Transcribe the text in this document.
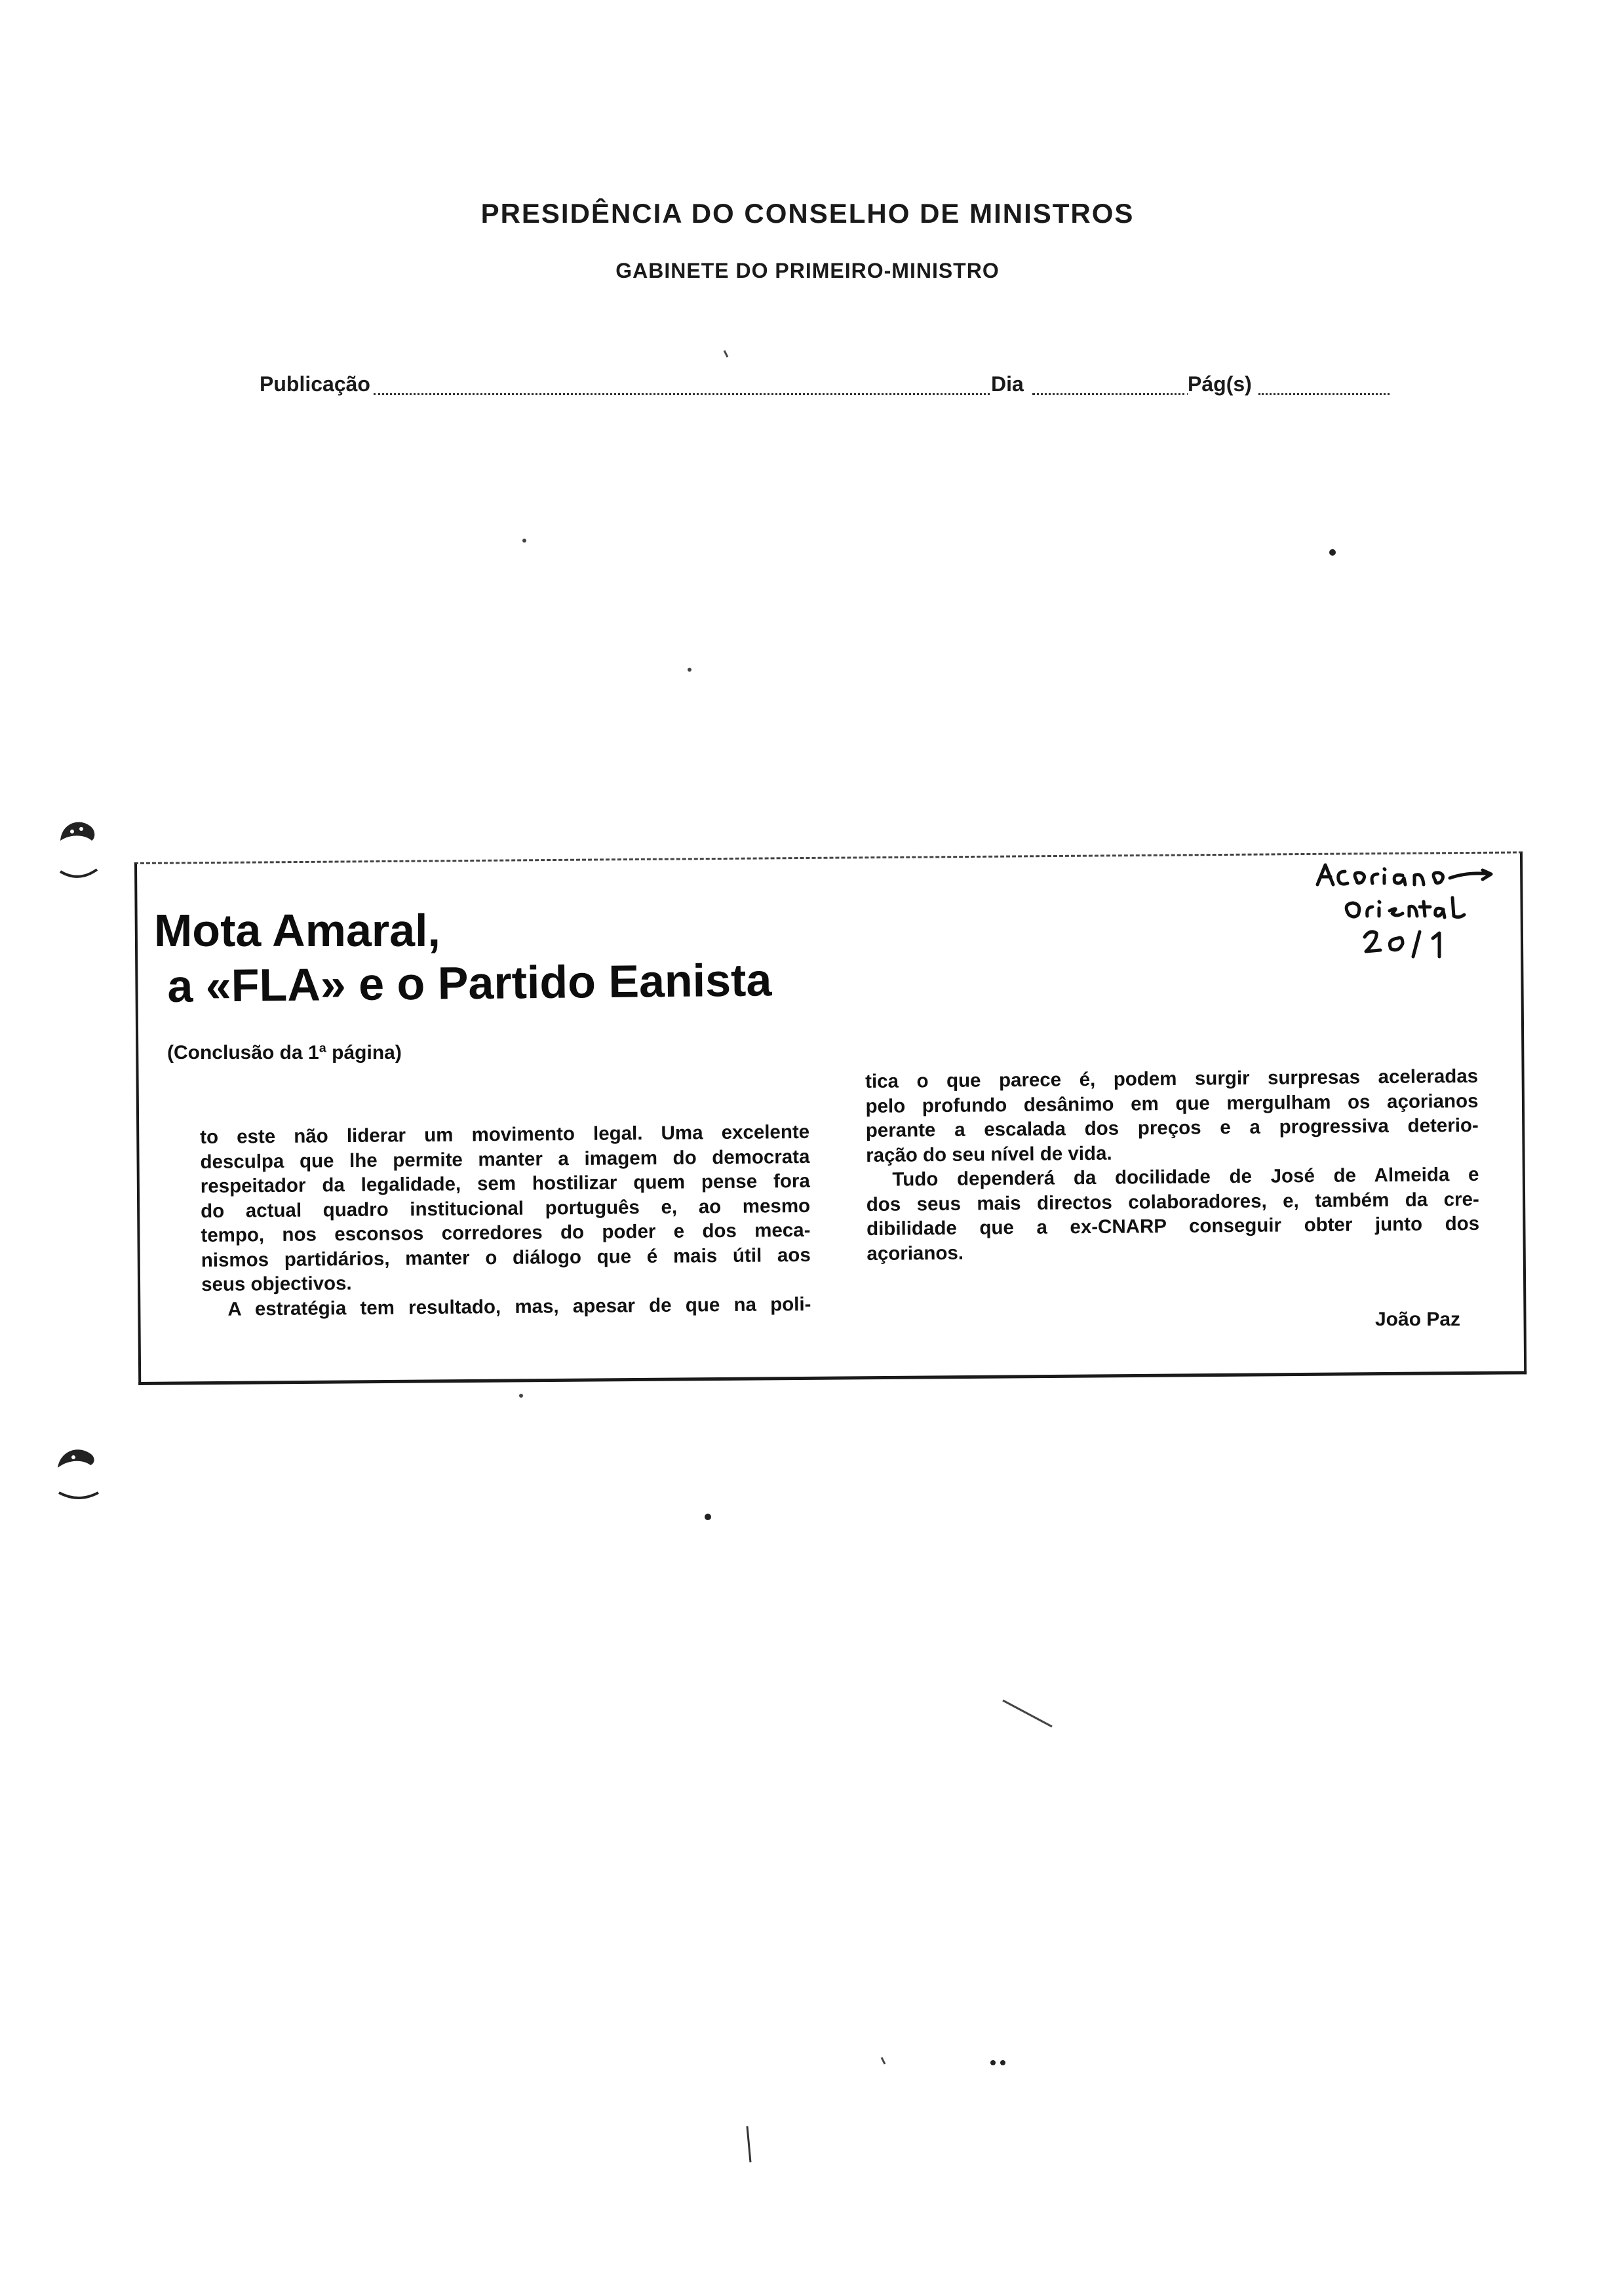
PRESIDÊNCIA DO CONSELHO DE MINISTROS
GABINETE DO PRIMEIRO-MINISTRO
Publicação	Dia	Pág(s)
Mota Amaral,
a «FLA» e o Partido Eanista
(Conclusão da 1ª página)

to este não liderar um movimento legal. Uma excelente

desculpa que lhe permite manter a imagem do democrata

respeitador da legalidade, sem hostilizar quem pense fora

do actual quadro institucional português e, ao mesmo

tempo, nos esconsos corredores do poder e dos meca-

nismos partidários, manter o diálogo que é mais útil aos

seus objectivos.

A estratégia tem resultado, mas, apesar de que na poli-

tica o que parece é, podem surgir surpresas aceleradas

pelo profundo desânimo em que mergulham os açorianos

perante a escalada dos preços e a progressiva deterio-

ração do seu nível de vida.

Tudo dependerá da docilidade de José de Almeida e

dos seus mais directos colaboradores, e, também da cre-

dibilidade que a ex-CNARP conseguir obter junto dos

açorianos.

João Paz
